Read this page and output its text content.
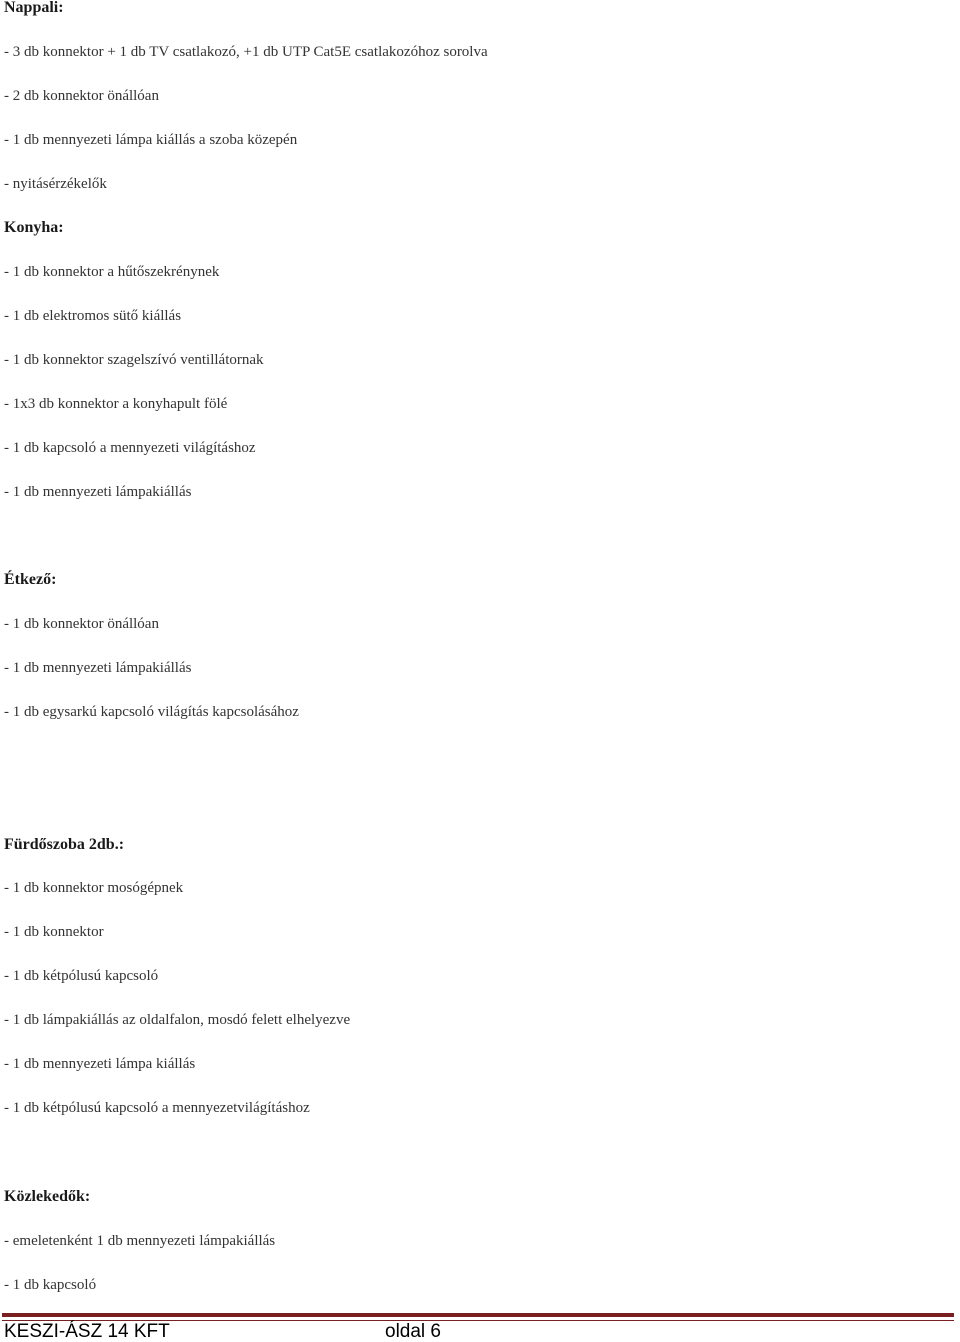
Nappali:
- 3 db konnektor + 1 db TV csatlakozó, +1 db UTP Cat5E csatlakozóhoz sorolva
- 2 db konnektor önállóan
- 1 db mennyezeti lámpa kiállás a szoba közepén
- nyitásérzékelők
Konyha:
- 1 db konnektor a hűtőszekrénynek
- 1 db elektromos sütő kiállás
- 1 db konnektor szagelszívó ventillátornak
- 1x3 db konnektor a konyhapult fölé
- 1 db kapcsoló a mennyezeti világításhoz
- 1 db mennyezeti lámpakiállás
Étkező:
- 1 db konnektor önállóan
- 1 db mennyezeti lámpakiállás
- 1 db egysarkú kapcsoló világítás kapcsolásához
Fürdőszoba 2db.:
- 1 db konnektor mosógépnek
- 1 db konnektor
- 1 db kétpólusú kapcsoló
- 1 db lámpakiállás az oldalfalon, mosdó felett elhelyezve
- 1 db mennyezeti lámpa kiállás
- 1 db kétpólusú kapcsoló a mennyezetvilágításhoz
Közlekedők:
- emeletenként 1 db mennyezeti lámpakiállás
- 1 db kapcsoló
KESZI-ÁSZ 14 KFT	oldal 6
